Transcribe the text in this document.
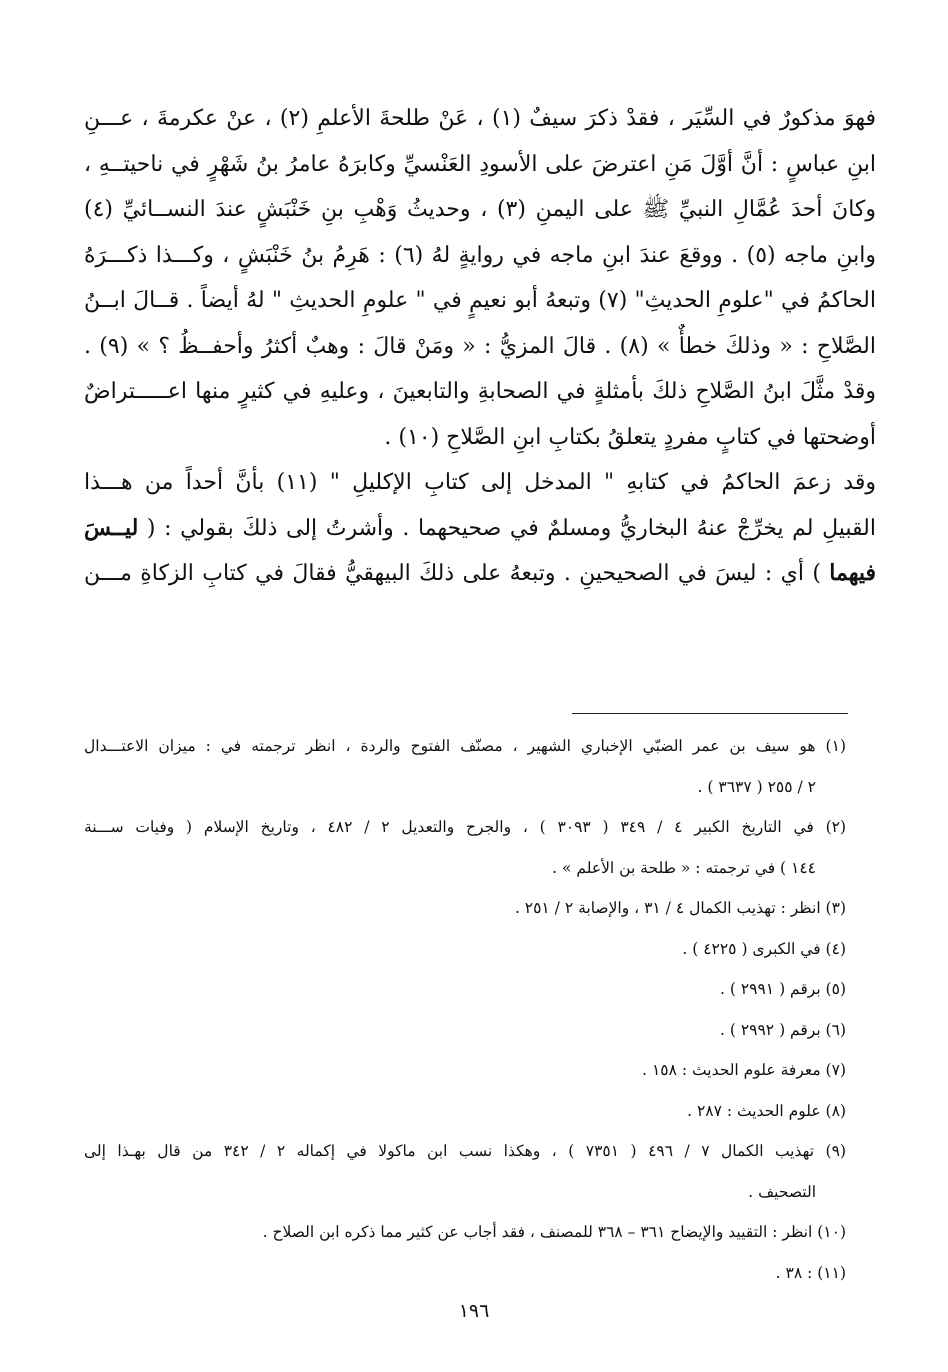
فهوَ مذكورٌ في السِّيَر ، فقدْ ذكرَ سيفٌ (١) ، عَنْ طلحةَ الأعلمِ (٢) ، عنْ عكرمةَ ، عـــنِ
ابنِ عباسٍ : أنَّ أوَّلَ مَنِ اعترضَ على الأسودِ العَنْسيِّ وكابرَهُ عامرُ بنُ شَهْرٍ في ناحيتــهِ ،
وكانَ أحدَ عُمَّالِ النبيِّ ﷺ على اليمنِ (٣) ، وحديثُ وَهْبِ بنِ خَنْبَشٍ عندَ النســائيِّ (٤)
وابنِ ماجه (٥) . ووقعَ عندَ ابنِ ماجه في روايةٍ لهُ (٦) : هَرِمُ بنُ خَنْبَشٍ ، وكـــذا ذكـــرَهُ
الحاكمُ في "علومِ الحديثِ" (٧) وتبعهُ أبو نعيمٍ في " علومِ الحديثِ " لهُ أيضاً . قــالَ ابــنُ
الصَّلاحِ : « وذلكَ خطأٌ » (٨) . قالَ المزيُّ : « ومَنْ قالَ : وهبٌ أكثرُ وأحفــظُ ؟ » (٩) .
وقدْ مثَّلَ ابنُ الصَّلاحِ ذلكَ بأمثلةٍ في الصحابةِ والتابعينَ ، وعليهِ في كثيرٍ منها اعـــــتراضٌ
أوضحتها في كتابٍ مفردٍ يتعلقُ بكتابِ ابنِ الصَّلاحِ (١٠) .
وقد زعمَ الحاكمُ في كتابهِ " المدخل إلى كتابِ الإكليلِ " (١١) بأنَّ أحداً من هـــذا
القبيلِ لم يخرِّجْ عنهُ البخاريُّ ومسلمٌ في صحيحهما . وأشرتُ إلى ذلكَ بقولي : ( ليــسَ
فيهما ) أي : ليسَ في الصحيحينِ . وتبعهُ على ذلكَ البيهقيُّ فقالَ في كتابِ الزكاةِ مـــن
(١) هو سيف بن عمر الضبّي الإخباري الشهير ، مصنّف الفتوح والردة ، انظر ترجمته في : ميزان الاعتـــدال
٢ / ٢٥٥ ( ٣٦٣٧ ) .
(٢) في التاريخ الكبير ٤ / ٣٤٩ ( ٣٠٩٣ ) ، والجرح والتعديل ٢ / ٤٨٢ ، وتاريخ الإسلام ( وفيات ســـنة
١٤٤ ) في ترجمته : « طلحة بن الأعلم » .
(٣) انظر : تهذيب الكمال ٤ / ٣١ ، والإصابة ٢ / ٢٥١ .
(٤) في الكبرى ( ٤٢٢٥ ) .
(٥) برقم ( ٢٩٩١ ) .
(٦) برقم ( ٢٩٩٢ ) .
(٧) معرفة علوم الحديث : ١٥٨ .
(٨) علوم الحديث : ٢٨٧ .
(٩) تهذيب الكمال ٧ / ٤٩٦ ( ٧٣٥١ ) ، وهكذا نسب ابن ماكولا في إكماله ٢ / ٣٤٢ من قال بهـذا إلى
التصحيف .
(١٠) انظر : التقييد والإيضاح ٣٦١ – ٣٦٨ للمصنف ، فقد أجاب عن كثير مما ذكره ابن الصلاح .
(١١) : ٣٨ .
١٩٦
